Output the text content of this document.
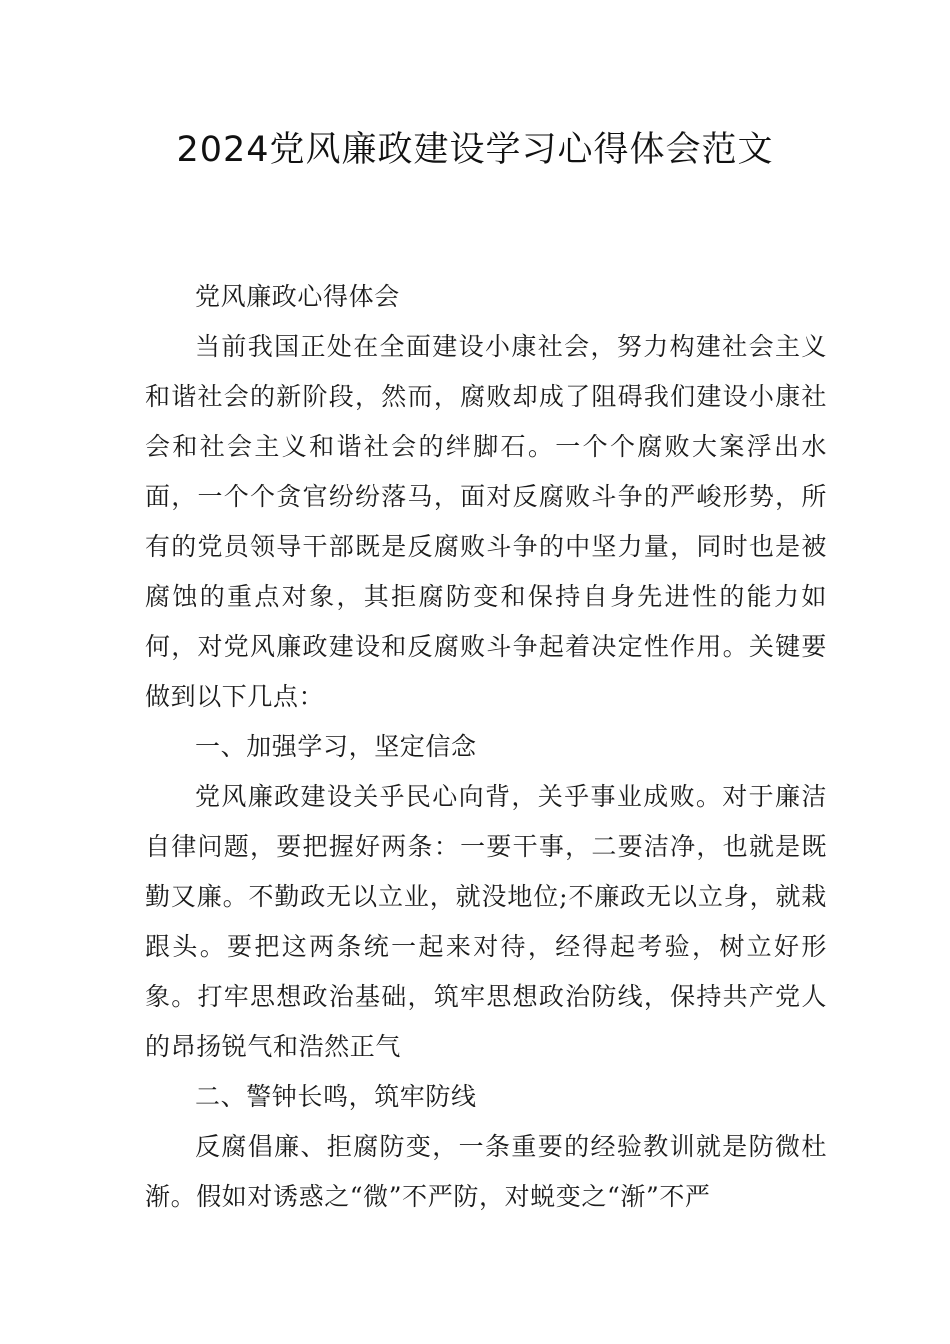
2024党风廉政建设学习心得体会范文

党风廉政心得体会

当前我国正处在全面建设小康社会，努力构建社会主义和谐社会的新阶段，然而，腐败却成了阻碍我们建设小康社会和社会主义和谐社会的绊脚石。一个个腐败大案浮出水面，一个个贪官纷纷落马，面对反腐败斗争的严峻形势，所有的党员领导干部既是反腐败斗争的中坚力量，同时也是被腐蚀的重点对象，其拒腐防变和保持自身先进性的能力如何，对党风廉政建设和反腐败斗争起着决定性作用。关键要做到以下几点：

一、加强学习，坚定信念

党风廉政建设关乎民心向背，关乎事业成败。对于廉洁自律问题，要把握好两条：一要干事，二要洁净，也就是既勤又廉。不勤政无以立业，就没地位;不廉政无以立身，就栽跟头。要把这两条统一起来对待，经得起考验，树立好形象。打牢思想政治基础，筑牢思想政治防线，保持共产党人的昂扬锐气和浩然正气

二、警钟长鸣，筑牢防线

反腐倡廉、拒腐防变，一条重要的经验教训就是防微杜渐。假如对诱惑之“微”不严防，对蜕变之“渐”不严
